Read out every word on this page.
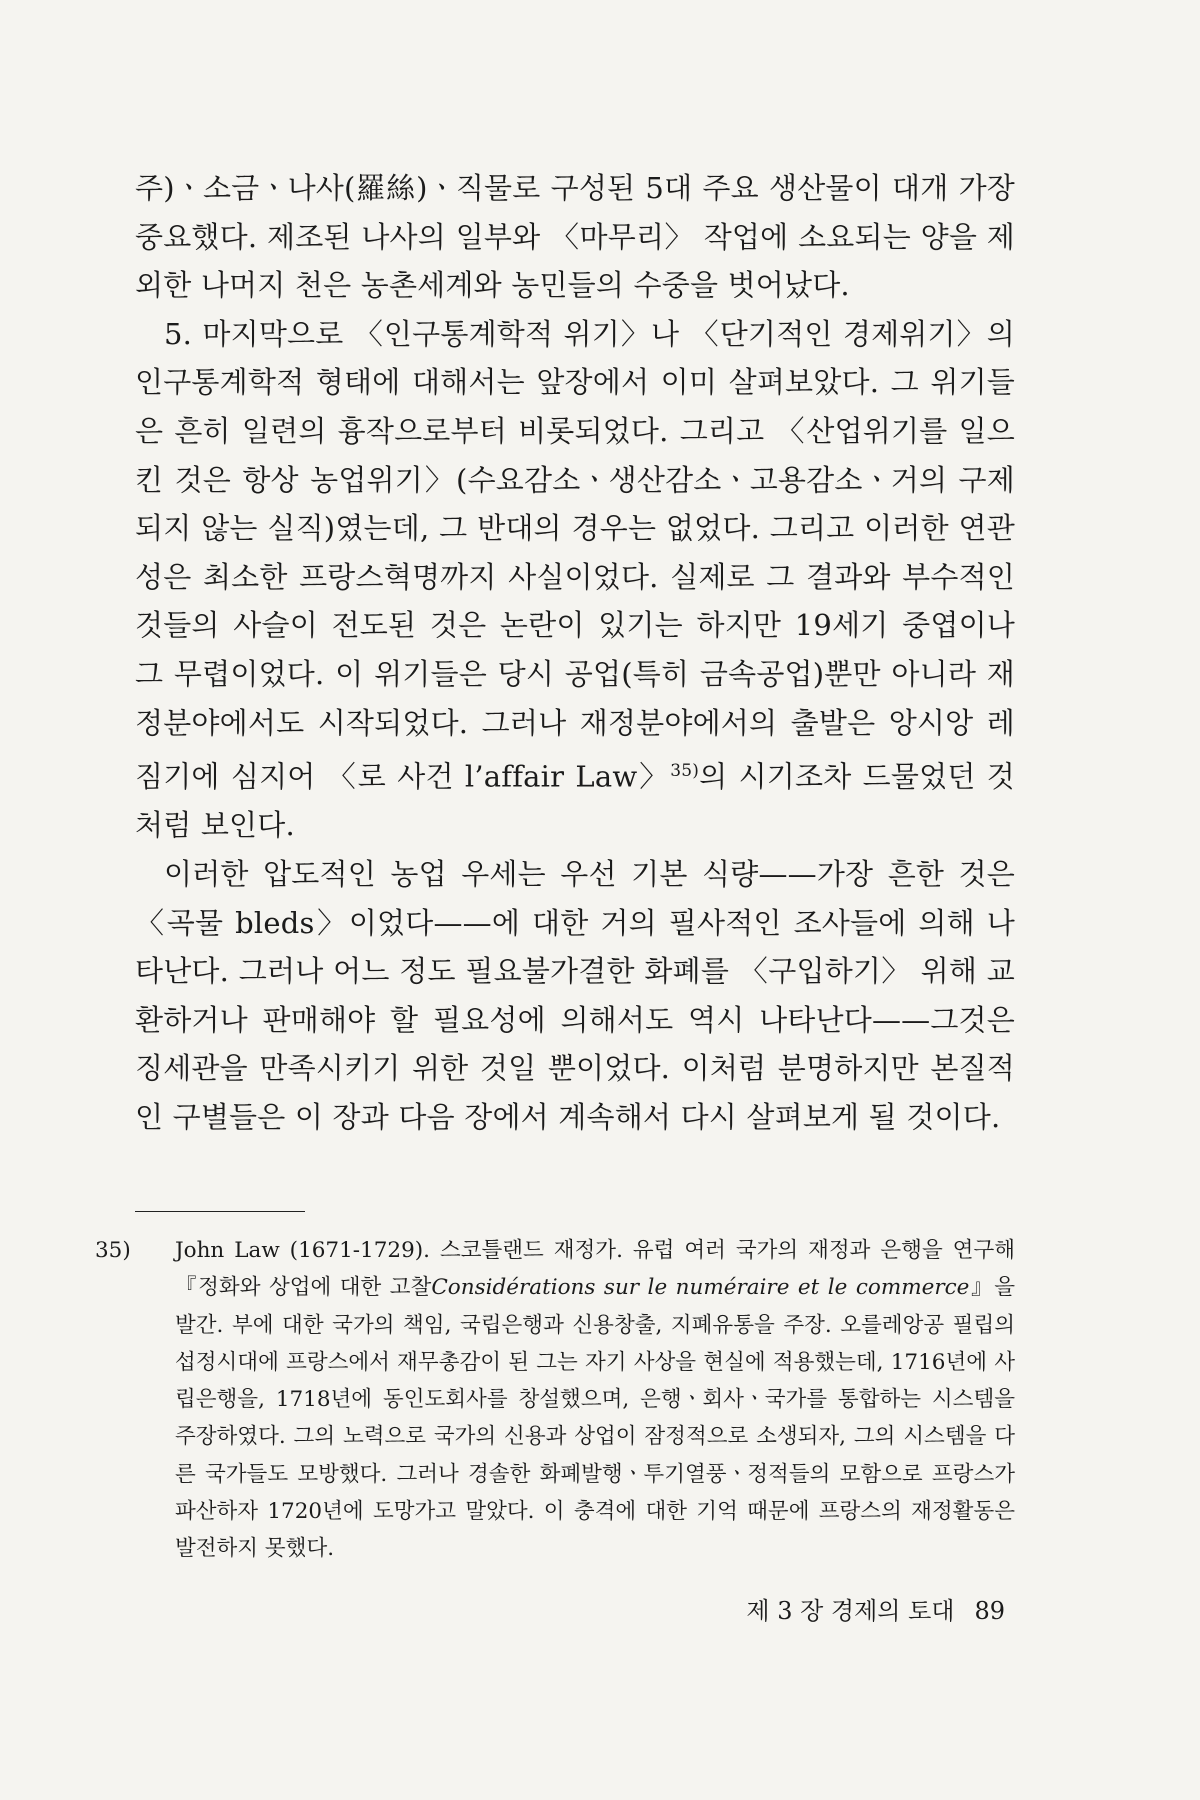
주)ㆍ소금ㆍ나사(羅絲)ㆍ직물로 구성된 5대 주요 생산물이 대개 가장 중요했다. 제조된 나사의 일부와 〈마무리〉 작업에 소요되는 양을 제외한 나머지 천은 농촌세계와 농민들의 수중을 벗어났다.

5. 마지막으로 〈인구통계학적 위기〉나 〈단기적인 경제위기〉의 인구통계학적 형태에 대해서는 앞장에서 이미 살펴보았다. 그 위기들은 흔히 일련의 흉작으로부터 비롯되었다. 그리고 〈산업위기를 일으킨 것은 항상 농업위기〉(수요감소ㆍ생산감소ㆍ고용감소ㆍ거의 구제되지 않는 실직)였는데, 그 반대의 경우는 없었다. 그리고 이러한 연관성은 최소한 프랑스혁명까지 사실이었다. 실제로 그 결과와 부수적인 것들의 사슬이 전도된 것은 논란이 있기는 하지만 19세기 중엽이나 그 무렵이었다. 이 위기들은 당시 공업(특히 금속공업)뿐만 아니라 재정분야에서도 시작되었다. 그러나 재정분야에서의 출발은 앙시앙 레짐기에 심지어 〈로 사건 l’affair Law〉$^{35)}$의 시기조차 드물었던 것처럼 보인다.

이러한 압도적인 농업 우세는 우선 기본 식량——가장 흔한 것은 〈곡물 bleds〉이었다——에 대한 거의 필사적인 조사들에 의해 나타난다. 그러나 어느 정도 필요불가결한 화폐를 〈구입하기〉 위해 교환하거나 판매해야 할 필요성에 의해서도 역시 나타난다——그것은 징세관을 만족시키기 위한 것일 뿐이었다. 이처럼 분명하지만 본질적인 구별들은 이 장과 다음 장에서 계속해서 다시 살펴보게 될 것이다.

35) John Law (1671-1729). 스코틀랜드 재정가. 유럽 여러 국가의 재정과 은행을 연구해 『정화와 상업에 대한 고찰Considérations sur le numéraire et le commerce』을 발간. 부에 대한 국가의 책임, 국립은행과 신용창출, 지폐유통을 주장. 오를레앙공 필립의 섭정시대에 프랑스에서 재무총감이 된 그는 자기 사상을 현실에 적용했는데, 1716년에 사립은행을, 1718년에 동인도회사를 창설했으며, 은행ㆍ회사ㆍ국가를 통합하는 시스템을 주장하였다. 그의 노력으로 국가의 신용과 상업이 잠정적으로 소생되자, 그의 시스템을 다른 국가들도 모방했다. 그러나 경솔한 화폐발행ㆍ투기열풍ㆍ정적들의 모함으로 프랑스가 파산하자 1720년에 도망가고 말았다. 이 충격에 대한 기억 때문에 프랑스의 재정활동은 발전하지 못했다.
제 3 장 경제의 토대 89
